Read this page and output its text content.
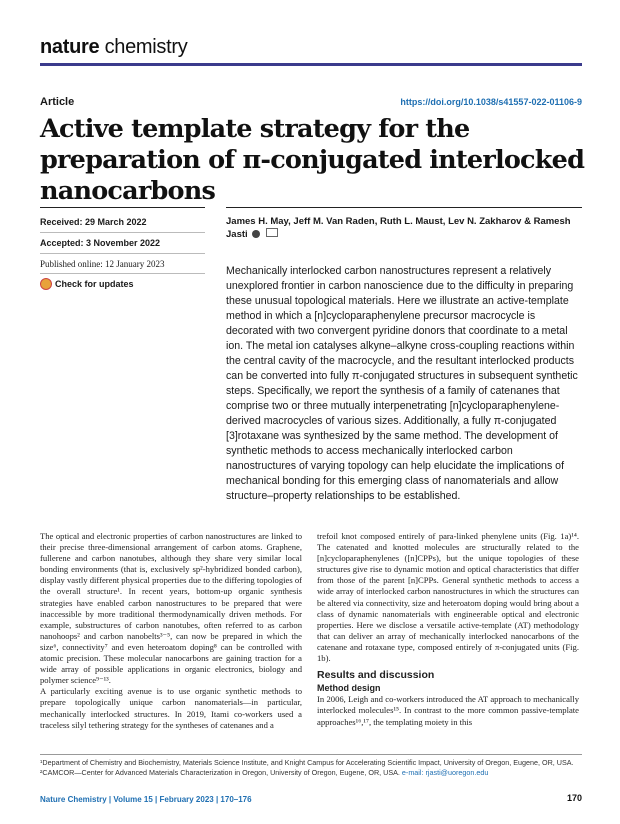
nature chemistry
Article	https://doi.org/10.1038/s41557-022-01106-9
Active template strategy for the preparation of π-conjugated interlocked nanocarbons
Received: 29 March 2022
Accepted: 3 November 2022
Published online: 12 January 2023
Check for updates
James H. May, Jeff M. Van Raden, Ruth L. Maust, Lev N. Zakharov & Ramesh Jasti

Mechanically interlocked carbon nanostructures represent a relatively unexplored frontier in carbon nanoscience due to the difficulty in preparing these unusual topological materials. Here we illustrate an active-template method in which a [n]cycloparaphenylene precursor macrocycle is decorated with two convergent pyridine donors that coordinate to a metal ion. The metal ion catalyses alkyne–alkyne cross-coupling reactions within the central cavity of the macrocycle, and the resultant interlocked products can be converted into fully π-conjugated structures in subsequent synthetic steps. Specifically, we report the synthesis of a family of catenanes that comprise two or three mutually interpenetrating [n]cycloparaphenylene-derived macrocycles of various sizes. Additionally, a fully π-conjugated [3]rotaxane was synthesized by the same method. The development of synthetic methods to access mechanically interlocked carbon nanostructures of varying topology can help elucidate the implications of mechanical bonding for this emerging class of nanomaterials and allow structure–property relationships to be established.

The optical and electronic properties of carbon nanostructures are linked to their precise three-dimensional arrangement of carbon atoms. Graphene, fullerene and carbon nanotubes, although they share very similar local bonding environments (that is, exclusively sp²-hybridized bonded carbon), display vastly different physical properties due to the differing topologies of the overall structure¹. In recent years, bottom-up organic synthesis strategies have enabled carbon nanostructures to be prepared that were inaccessible by more traditional thermodynamically driven methods. For example, substructures of carbon nanotubes, often referred to as carbon nanohoops² and carbon nanobelts³⁻⁵, can now be prepared in which the size⁶, connectivity⁷ and even heteroatom doping⁸ can be controlled with atomic precision. These molecular nanocarbons are gaining traction for a wide array of possible applications in organic electronics, biology and polymer science⁹⁻¹³.
A particularly exciting avenue is to use organic synthetic methods to prepare topologically unique carbon nanomaterials—in particular, mechanically interlocked structures. In 2019, Itami co-workers used a traceless silyl tethering strategy for the syntheses of catenanes and a
trefoil knot composed entirely of para-linked phenylene units (Fig. 1a)¹⁴. The catenated and knotted molecules are structurally related to the [n]cycloparaphenylenes ([n]CPPs), but the unique topologies of these structures give rise to dynamic motion and optical characteristics that differ from those of the parent [n]CPPs. General synthetic methods to access a wide array of interlocked carbon nanostructures in which the structures can be altered via connectivity, size and heteroatom doping would bring about a class of dynamic nanomaterials with engineerable optical and electronic properties. Here we disclose a versatile active-template (AT) methodology that can deliver an array of mechanically interlocked nanocarbons of the catenane and rotaxane type, composed entirely of π-conjugated units (Fig. 1b).
Results and discussion
Method design
In 2006, Leigh and co-workers introduced the AT approach to mechanically interlocked molecules¹⁵. In contrast to the more common passive-template approaches¹⁶,¹⁷, the templating moiety in this
¹Department of Chemistry and Biochemistry, Materials Science Institute, and Knight Campus for Accelerating Scientific Impact, University of Oregon, Eugene, OR, USA. ²CAMCOR—Center for Advanced Materials Characterization in Oregon, University of Oregon, Eugene, OR, USA. e-mail: rjasti@uoregon.edu
Nature Chemistry | Volume 15 | February 2023 | 170–176	170
